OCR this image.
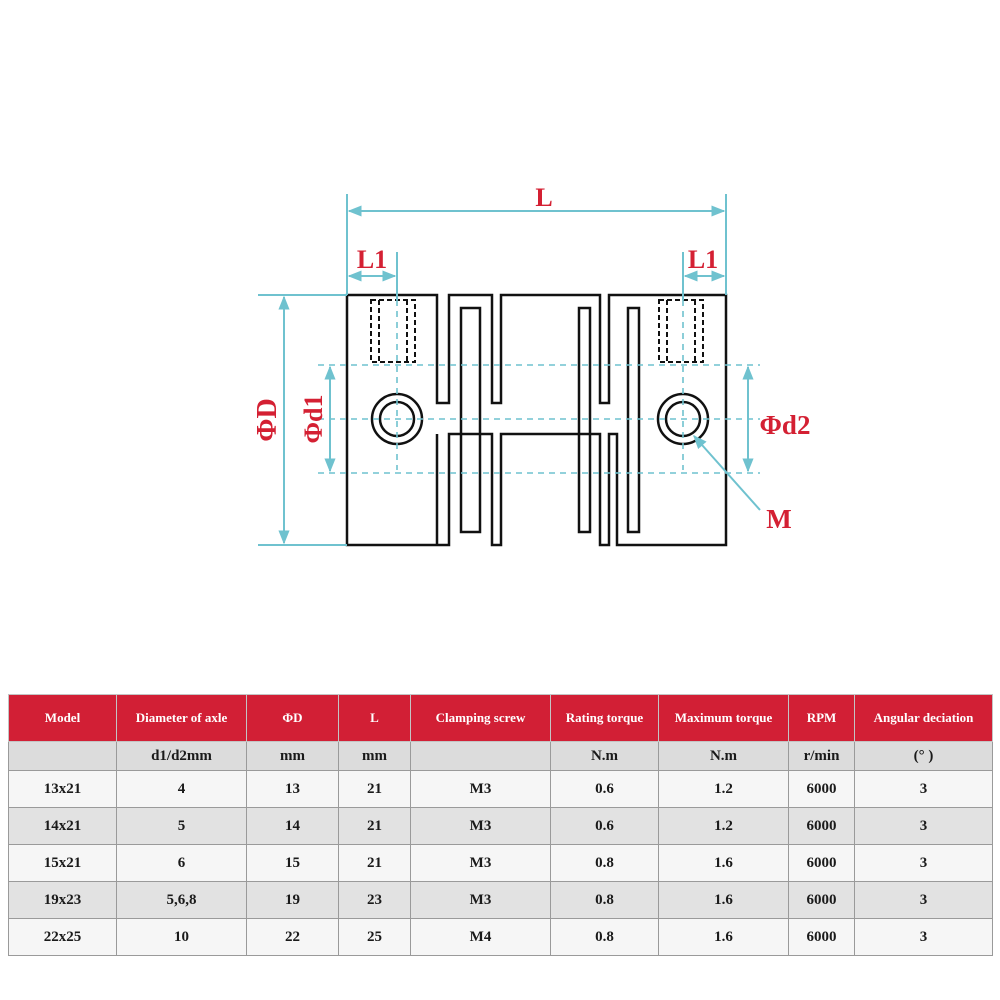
L
L1	L1
ΦD Φd1	Φd2
M
Model	Diameter of axle	ΦD	L	Clamping screw	Rating torque	Maximum torque	RPM	Angular deciation
	d1/d2mm	mm	mm		N.m	N.m	r/min	(° )
13x21	4	13	21	M3	0.6	1.2	6000	3
14x21	5	14	21	M3	0.6	1.2	6000	3
15x21	6	15	21	M3	0.8	1.6	6000	3
19x23	5,6,8	19	23	M3	0.8	1.6	6000	3
22x25	10	22	25	M4	0.8	1.6	6000	3
